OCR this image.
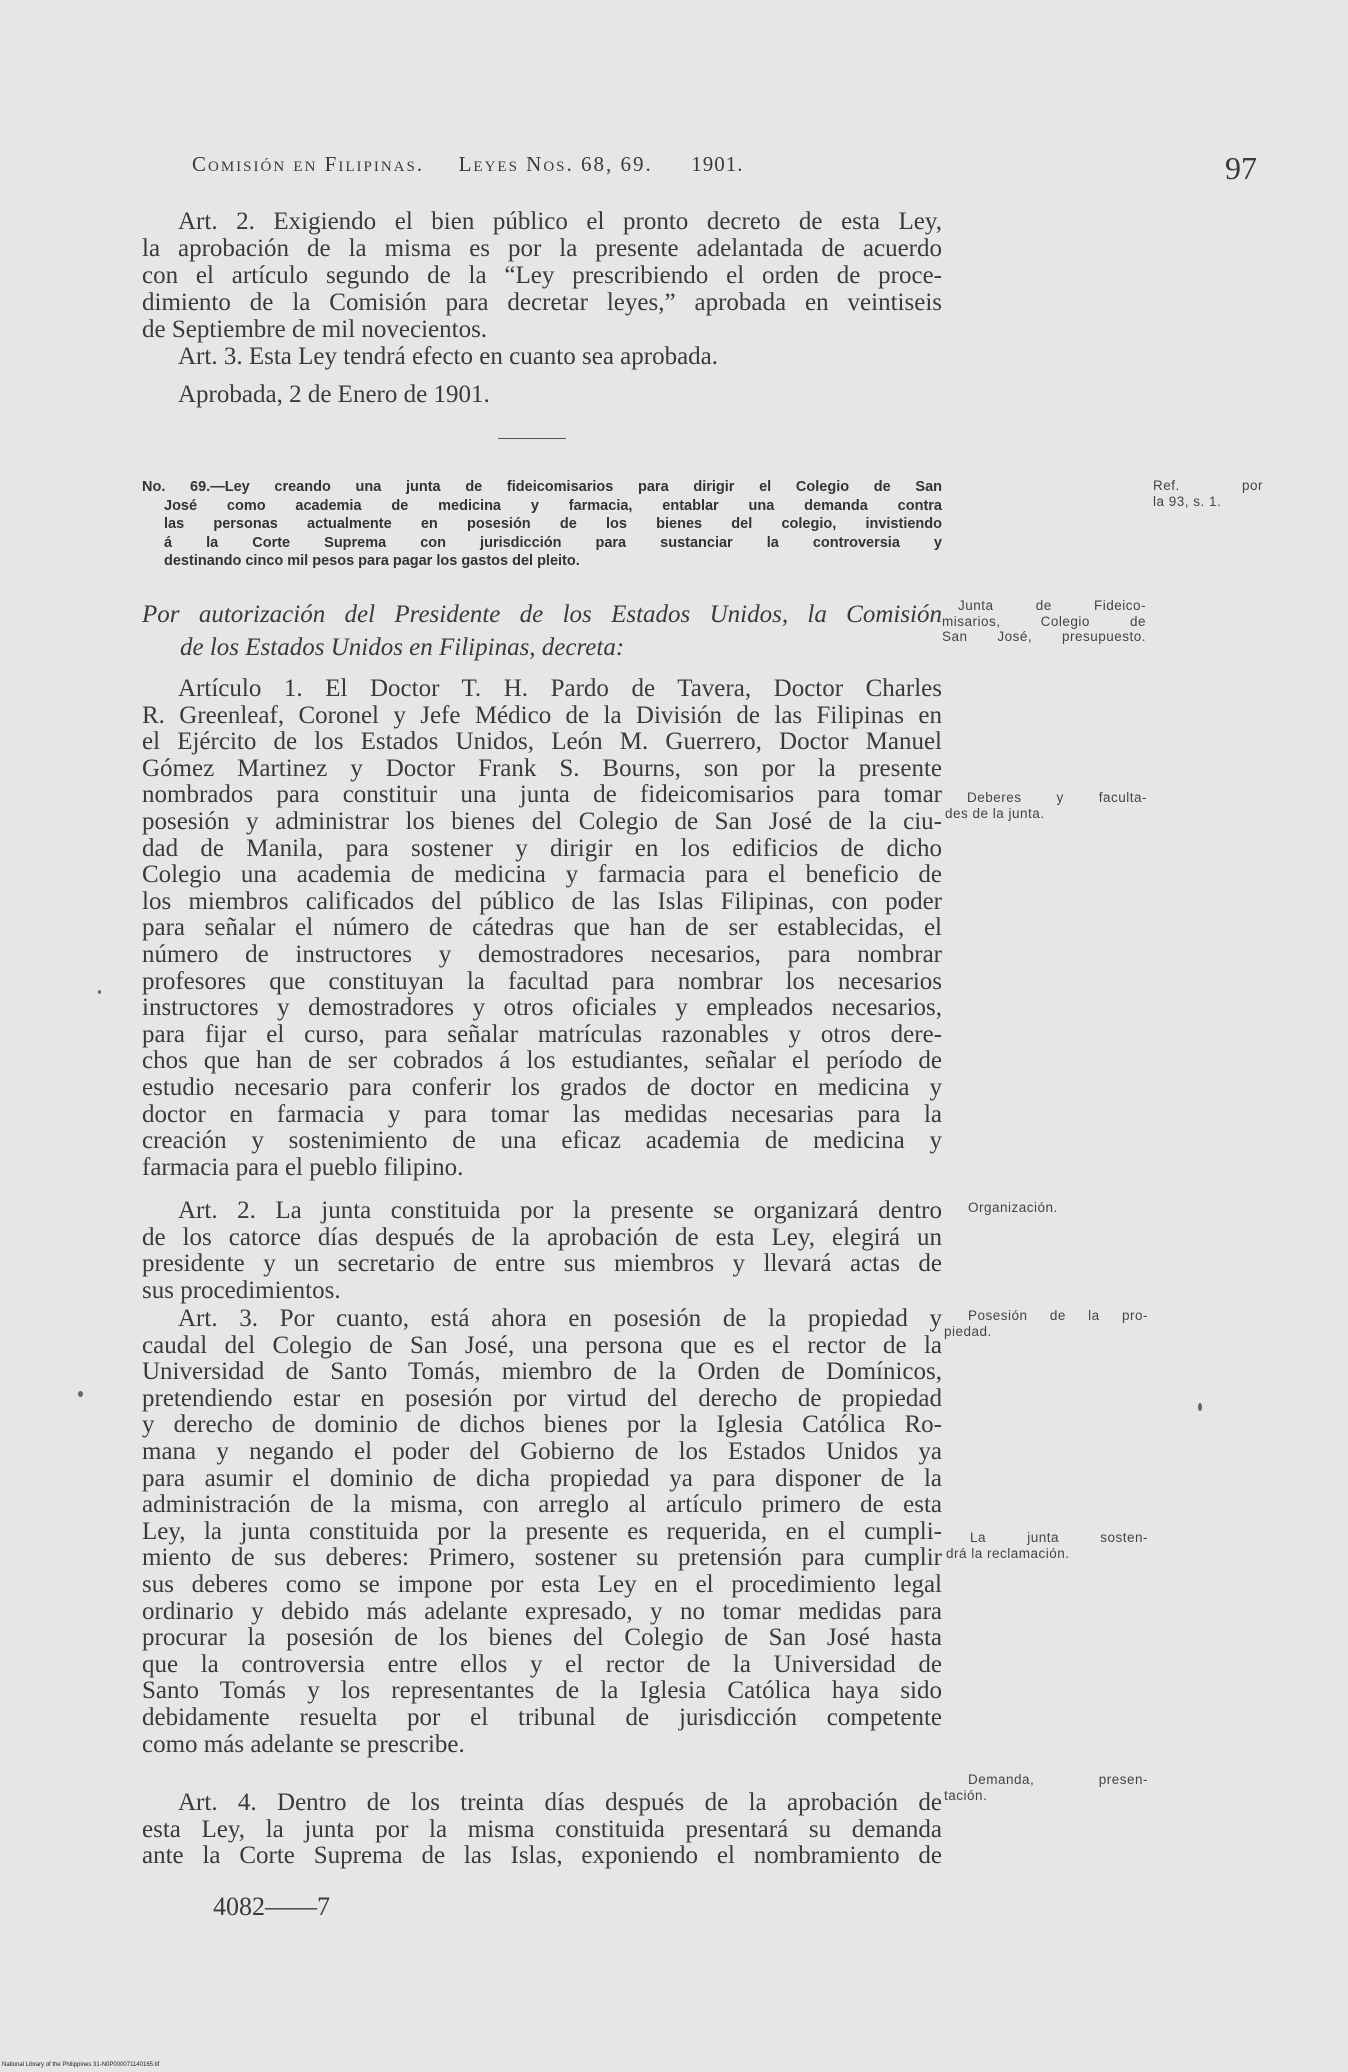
Comisión en Filipinas. Leyes Nos. 68, 69. 1901.	97
Art. 2. Exigiendo el bien público el pronto decreto de esta Ley,
la aprobación de la misma es por la presente adelantada de acuerdo
con el artículo segundo de la “Ley prescribiendo el orden de proce-
dimiento de la Comisión para decretar leyes,” aprobada en veintiseis
de Septiembre de mil novecientos.
Art. 3. Esta Ley tendrá efecto en cuanto sea aprobada.
Aprobada, 2 de Enero de 1901.
No. 69.—Ley creando una junta de fideicomisarios para dirigir el Colegio de San
José como academia de medicina y farmacia, entablar una demanda contra
las personas actualmente en posesión de los bienes del colegio, invistiendo
á la Corte Suprema con jurisdicción para sustanciar la controversia y
destinando cinco mil pesos para pagar los gastos del pleito.
Por autorización del Presidente de los Estados Unidos, la Comisión
de los Estados Unidos en Filipinas, decreta:
Artículo 1. El Doctor T. H. Pardo de Tavera, Doctor Charles
R. Greenleaf, Coronel y Jefe Médico de la División de las Filipinas en
el Ejército de los Estados Unidos, León M. Guerrero, Doctor Manuel
Gómez Martinez y Doctor Frank S. Bourns, son por la presente
nombrados para constituir una junta de fideicomisarios para tomar
posesión y administrar los bienes del Colegio de San José de la ciu-
dad de Manila, para sostener y dirigir en los edificios de dicho
Colegio una academia de medicina y farmacia para el beneficio de
los miembros calificados del público de las Islas Filipinas, con poder
para señalar el número de cátedras que han de ser establecidas, el
número de instructores y demostradores necesarios, para nombrar
profesores que constituyan la facultad para nombrar los necesarios
instructores y demostradores y otros oficiales y empleados necesarios,
para fijar el curso, para señalar matrículas razonables y otros dere-
chos que han de ser cobrados á los estudiantes, señalar el período de
estudio necesario para conferir los grados de doctor en medicina y
doctor en farmacia y para tomar las medidas necesarias para la
creación y sostenimiento de una eficaz academia de medicina y
farmacia para el pueblo filipino.
Art. 2. La junta constituida por la presente se organizará dentro
de los catorce días después de la aprobación de esta Ley, elegirá un
presidente y un secretario de entre sus miembros y llevará actas de
sus procedimientos.
Art. 3. Por cuanto, está ahora en posesión de la propiedad y
caudal del Colegio de San José, una persona que es el rector de la
Universidad de Santo Tomás, miembro de la Orden de Domínicos,
pretendiendo estar en posesión por virtud del derecho de propiedad
y derecho de dominio de dichos bienes por la Iglesia Católica Ro-
mana y negando el poder del Gobierno de los Estados Unidos ya
para asumir el dominio de dicha propiedad ya para disponer de la
administración de la misma, con arreglo al artículo primero de esta
Ley, la junta constituida por la presente es requerida, en el cumpli-
miento de sus deberes: Primero, sostener su pretensión para cumplir
sus deberes como se impone por esta Ley en el procedimiento legal
ordinario y debido más adelante expresado, y no tomar medidas para
procurar la posesión de los bienes del Colegio de San José hasta
que la controversia entre ellos y el rector de la Universidad de
Santo Tomás y los representantes de la Iglesia Católica haya sido
debidamente resuelta por el tribunal de jurisdicción competente
como más adelante se prescribe.
Art. 4. Dentro de los treinta días después de la aprobación de
esta Ley, la junta por la misma constituida presentará su demanda
ante la Corte Suprema de las Islas, exponiendo el nombramiento de
Ref. por
la 93, s. 1.
Junta de Fideico-
misarios, Colegio de
San José, presupuesto.
Deberes y faculta-
des de la junta.
Organización.
Posesión de la pro-
piedad.
La junta sosten-
drá la reclamación.
Demanda, presen-
tación.
4082——7
National Library of the Philippines 31-N0P000071140165.tif
